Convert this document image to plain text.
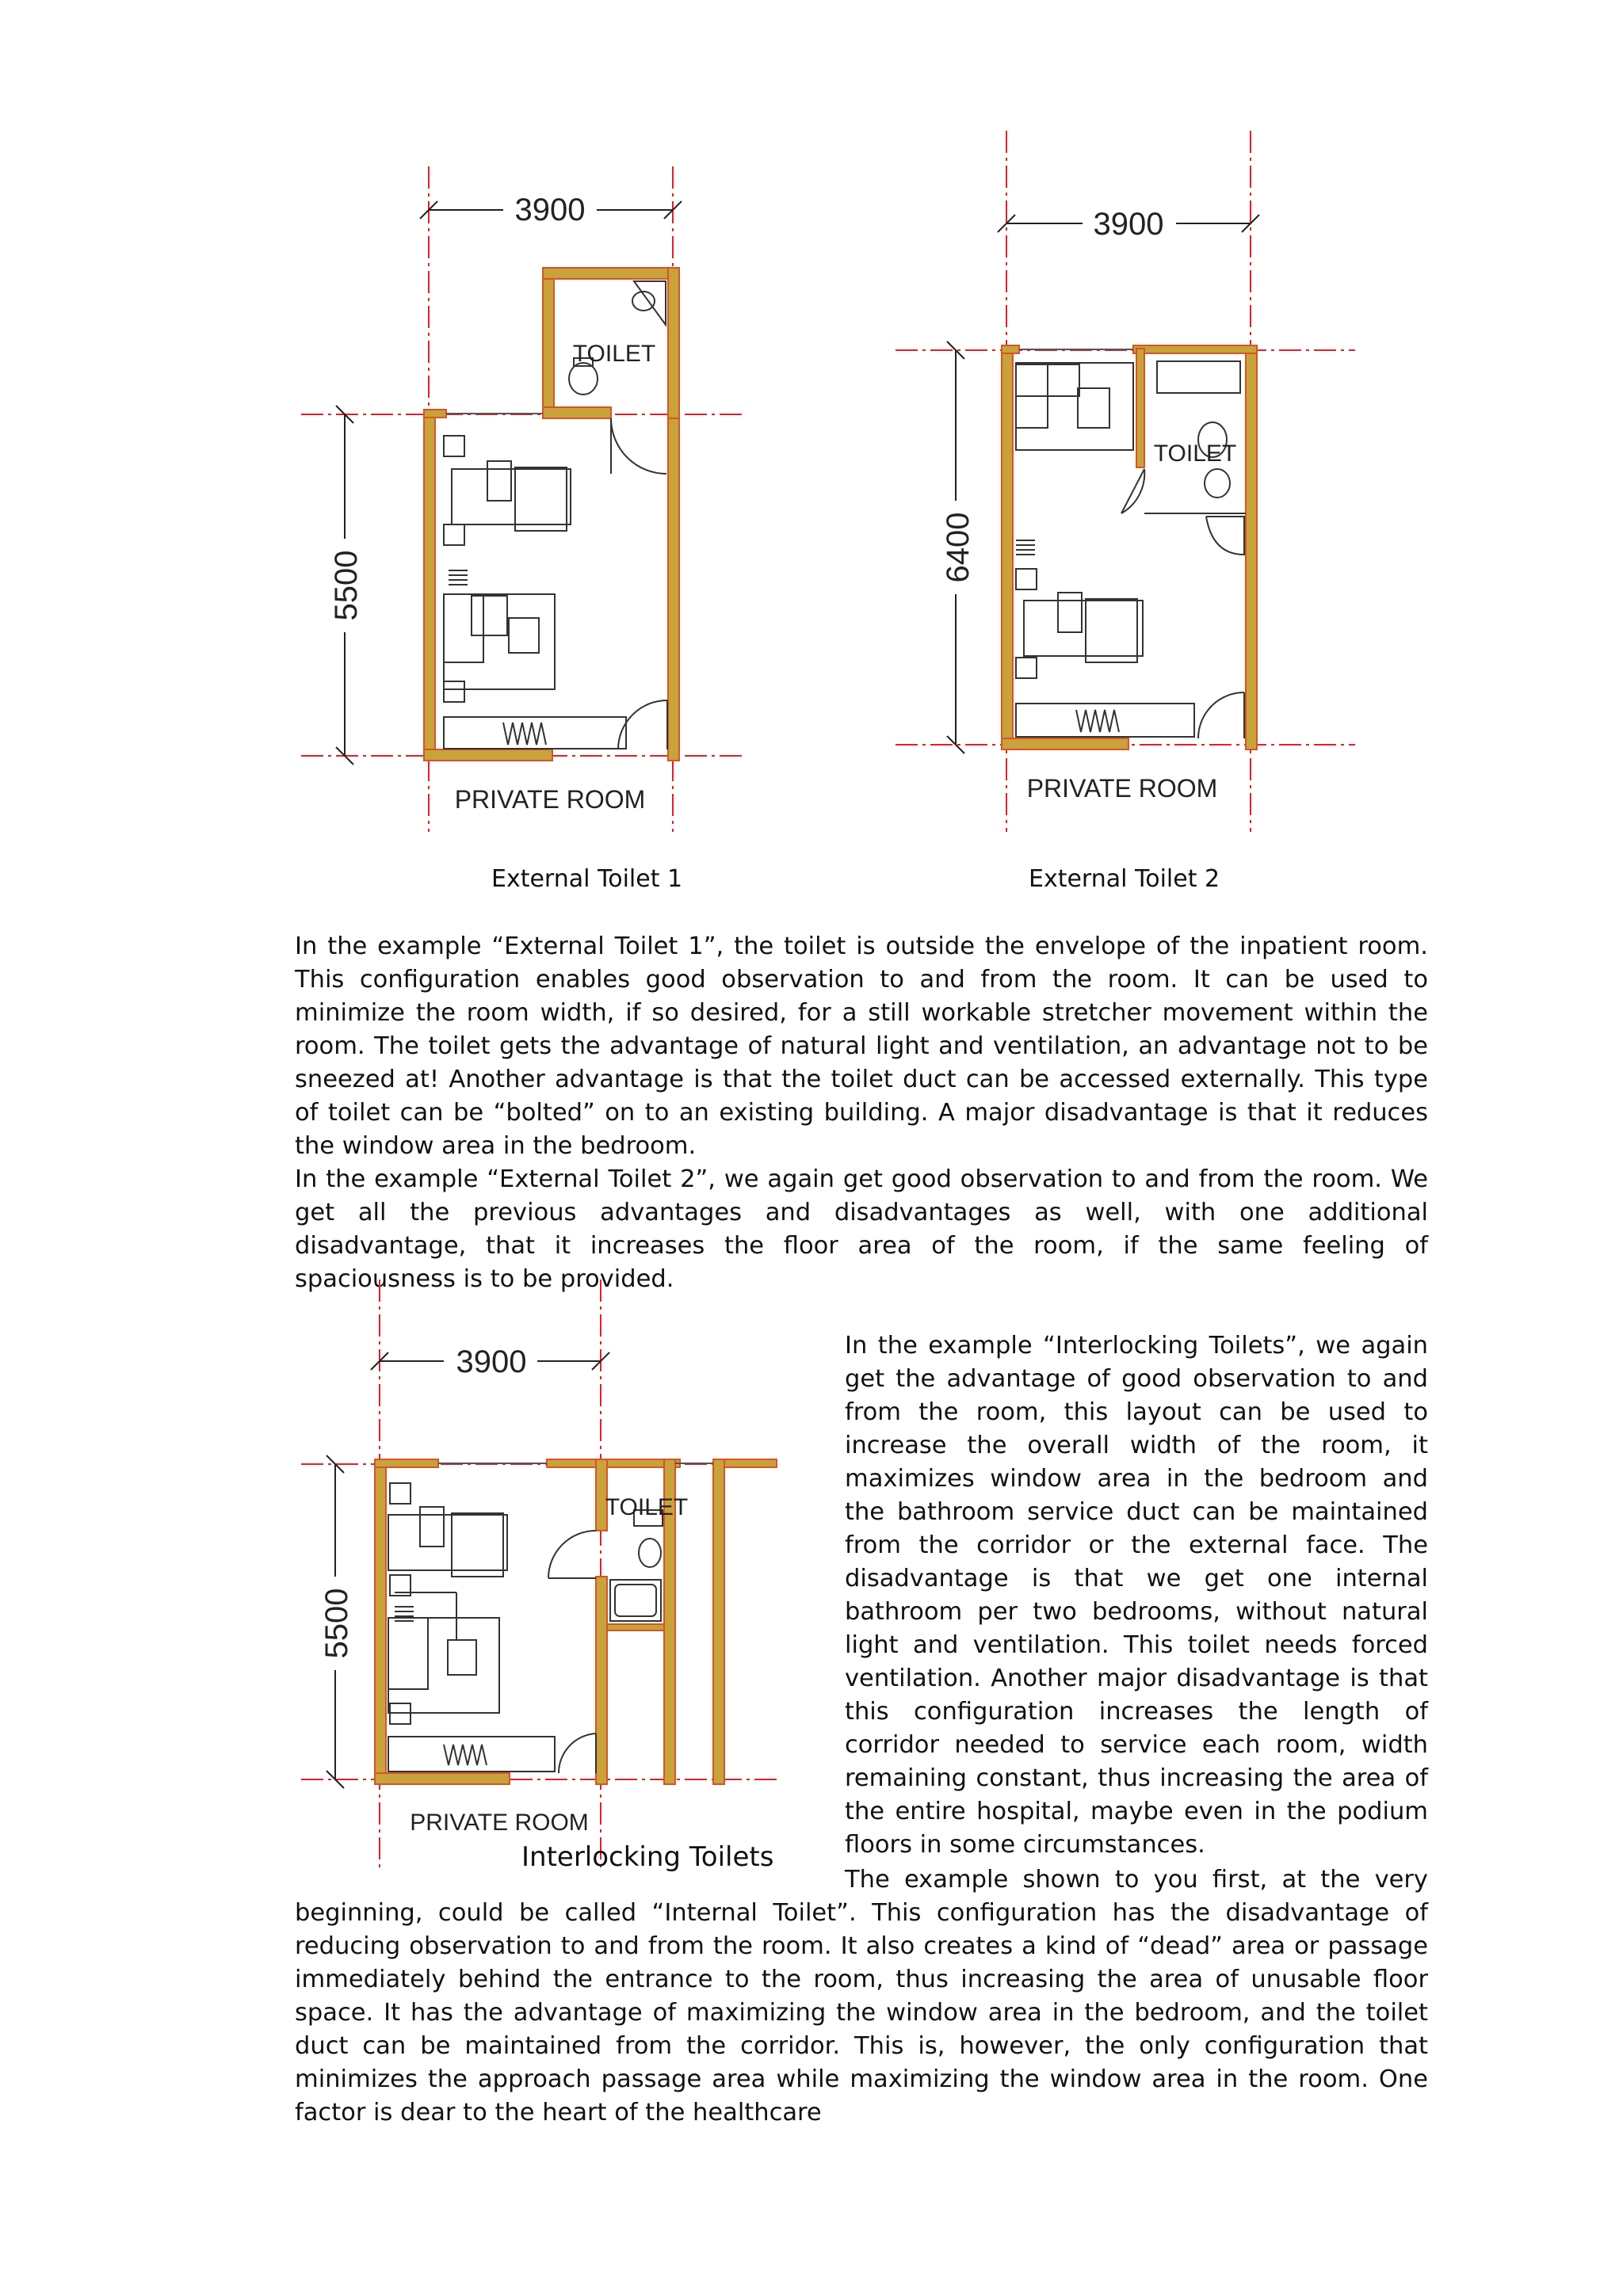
3900
5500
TOILET
PRIVATE ROOM
External Toilet 1
3900
6400
TOILET
PRIVATE ROOM
External Toilet 2

In the example “External Toilet 1”, the toilet is outside the envelope of the inpatient room. This configuration enables good observation to and from the room. It can be used to minimize the room width, if so desired, for a still workable stretcher movement within the room. The toilet gets the advantage of natural light and ventilation, an advantage not to be sneezed at! Another advantage is that the toilet duct can be accessed externally. This type of toilet can be “bolted” on to an existing building. A major disadvantage is that it reduces the window area in the bedroom.

In the example “External Toilet 2”, we again get good observation to and from the room. We get all the previous advantages and disadvantages as well, with one additional disadvantage, that it increases the floor area of the room, if the same feeling of spaciousness is to be provided.

3900
5500
TOILET
PRIVATE ROOM
Interlocking Toilets

In the example “Interlocking Toilets”, we again get the advantage of good observation to and from the room, this layout can be used to increase the overall width of the room, it maximizes window area in the bedroom and the bathroom service duct can be maintained from the corridor or the external face. The disadvantage is that we get one internal bathroom per two bedrooms, without natural light and ventilation. This toilet needs forced ventilation. Another major disadvantage is that this configuration increases the length of corridor needed to service each room, width remaining constant, thus increasing the area of the entire hospital, maybe even in the podium floors in some circumstances.

The example shown to you first, at the very beginning, could be called “Internal Toilet”. This configuration has the disadvantage of reducing observation to and from the room. It also creates a kind of “dead” area or passage immediately behind the entrance to the room, thus increasing the area of unusable floor space. It has the advantage of maximizing the window area in the bedroom, and the toilet duct can be maintained from the corridor. This is, however, the only configuration that minimizes the approach passage area while maximizing the window area in the room. One factor is dear to the heart of the healthcare
